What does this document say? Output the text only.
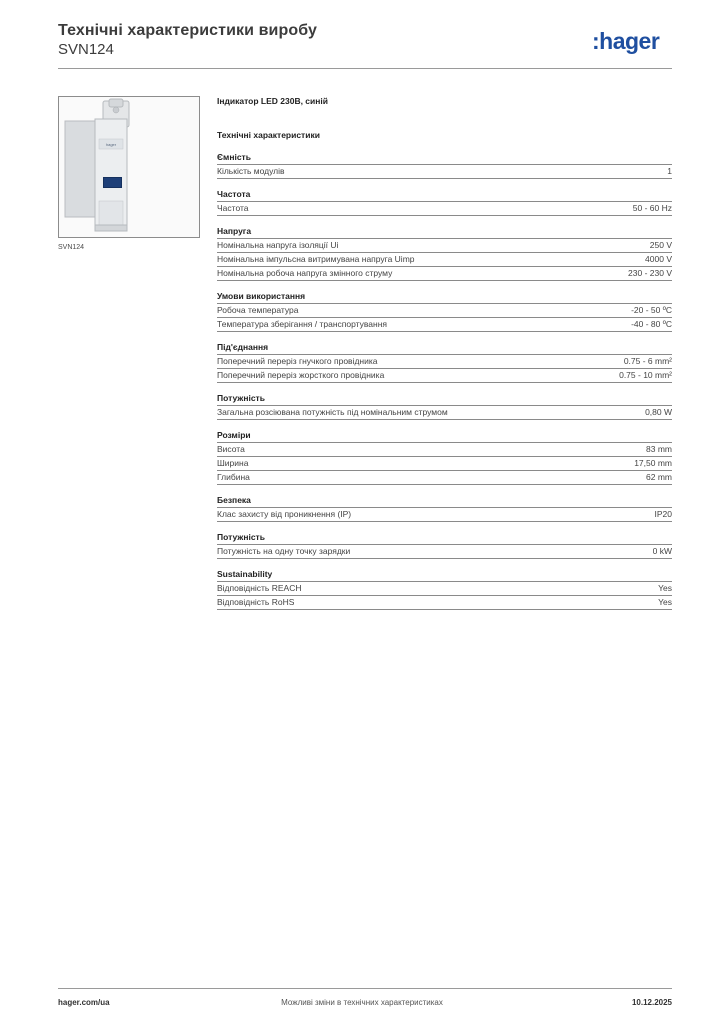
Технічні характеристики виробу
SVN124	:hager
hager
SVN124
Індикатор LED 230В, синій
Технічні характеристики
Ємність
Кількість модулів	1
Частота
Частота	50 - 60 Hz
Напруга
Номінальна напруга ізоляції Ui	250 V
Номінальна імпульсна витримувана напруга Uimp	4000 V
Номінальна робоча напруга змінного струму	230 - 230 V
Умови використання
Робоча температура	-20 - 50 ºC
Температура зберігання / транспортування	-40 - 80 ºC
Під'єднання
Поперечний переріз гнучкого провідника	0.75 - 6 mm²
Поперечний переріз жорсткого провідника	0.75 - 10 mm²
Потужність
Загальна розсіювана потужність під номінальним струмом	0,80 W
Розміри
Висота	83 mm
Ширина	17,50 mm
Глибина	62 mm
Безпека
Клас захисту від проникнення (IP)	IP20
Потужність
Потужність на одну точку зарядки	0 kW
Sustainability
Відповідність REACH	Yes
Відповідність RoHS	Yes
hager.com/ua	Можливі зміни в технічних характеристиках	10.12.2025
